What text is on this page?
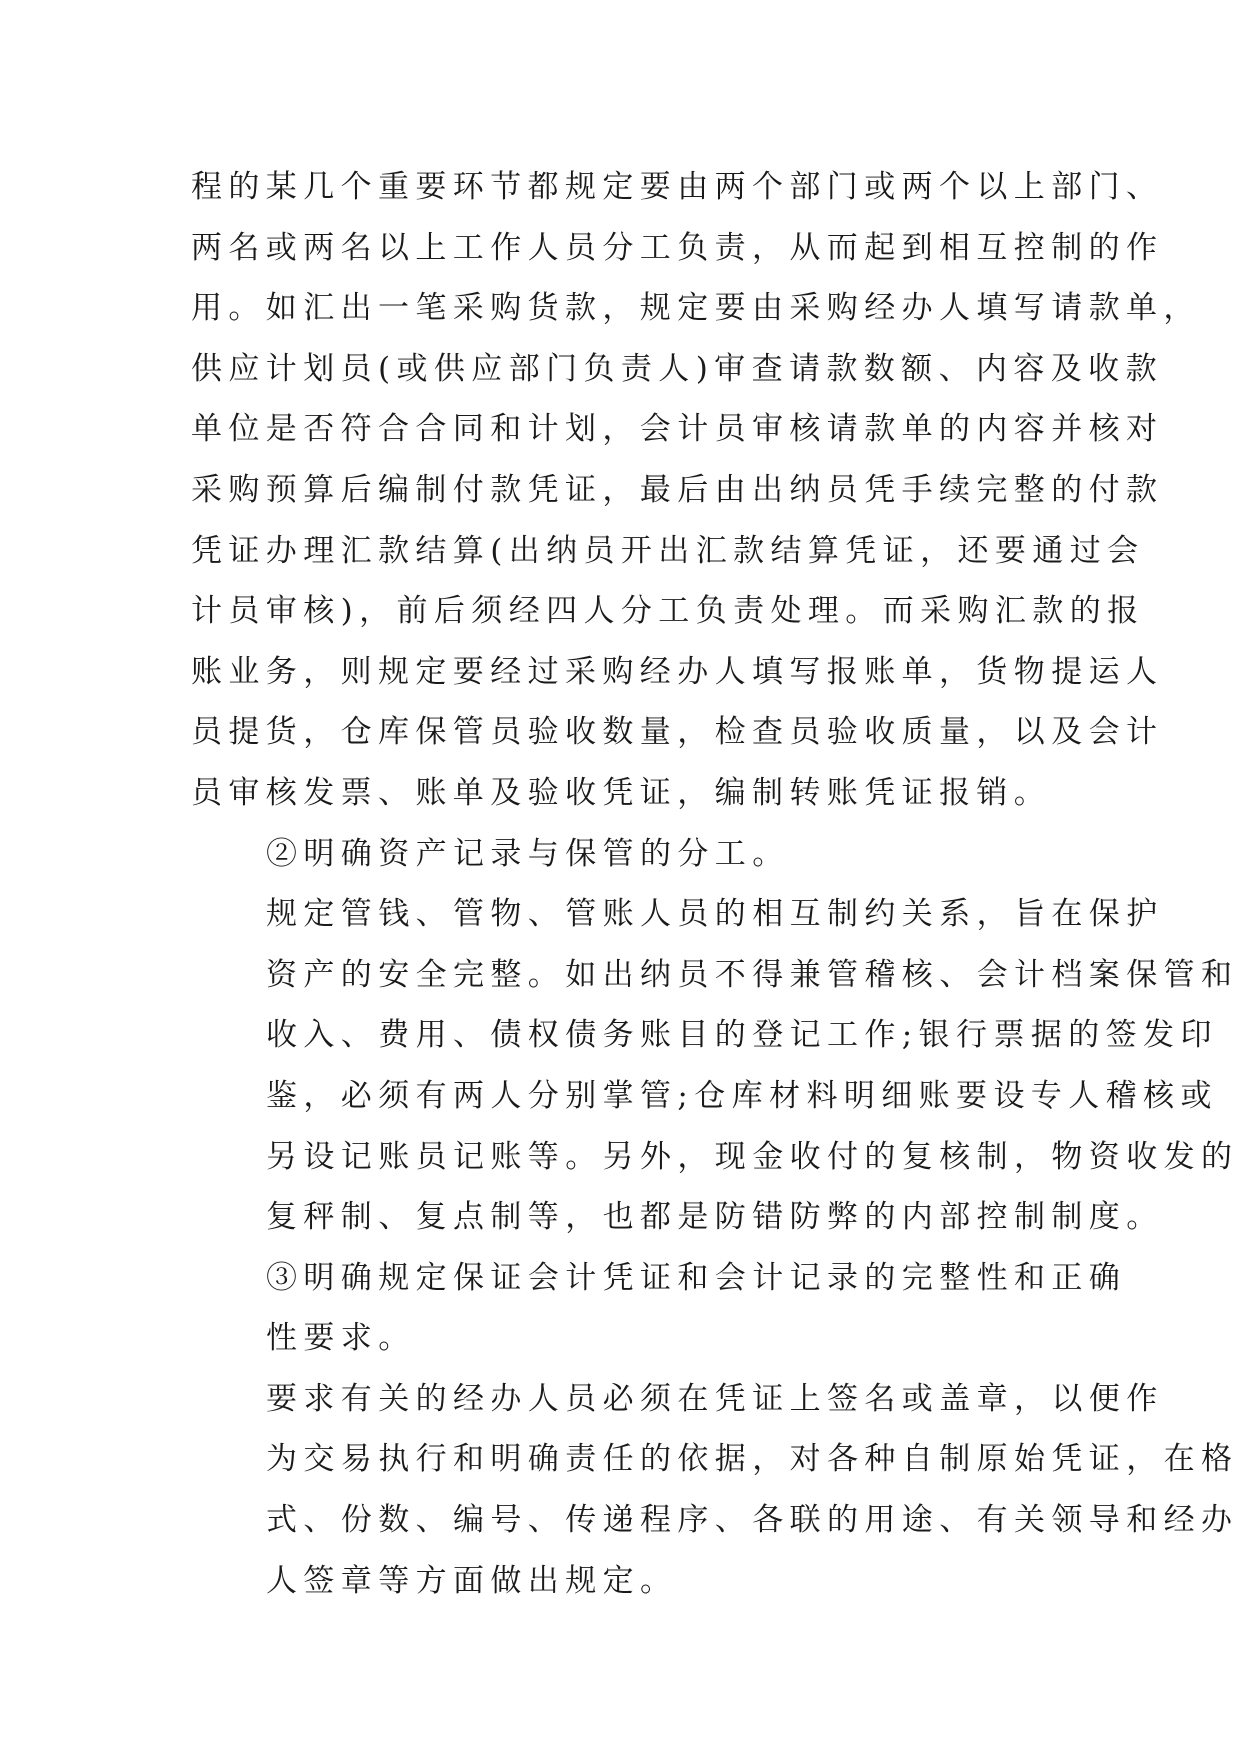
程的某几个重要环节都规定要由两个部门或两个以上部门、
两名或两名以上工作人员分工负责，从而起到相互控制的作
用。如汇出一笔采购货款，规定要由采购经办人填写请款单，
供应计划员(或供应部门负责人)审查请款数额、内容及收款
单位是否符合合同和计划，会计员审核请款单的内容并核对
采购预算后编制付款凭证，最后由出纳员凭手续完整的付款
凭证办理汇款结算(出纳员开出汇款结算凭证，还要通过会
计员审核)，前后须经四人分工负责处理。而采购汇款的报
账业务，则规定要经过采购经办人填写报账单，货物提运人
员提货，仓库保管员验收数量，检查员验收质量，以及会计
员审核发票、账单及验收凭证，编制转账凭证报销。

②明确资产记录与保管的分工。

规定管钱、管物、管账人员的相互制约关系，旨在保护
资产的安全完整。如出纳员不得兼管稽核、会计档案保管和
收入、费用、债权债务账目的登记工作;银行票据的签发印
鉴，必须有两人分别掌管;仓库材料明细账要设专人稽核或
另设记账员记账等。另外，现金收付的复核制，物资收发的
复秤制、复点制等，也都是防错防弊的内部控制制度。

③明确规定保证会计凭证和会计记录的完整性和正确
性要求。

要求有关的经办人员必须在凭证上签名或盖章，以便作
为交易执行和明确责任的依据，对各种自制原始凭证，在格
式、份数、编号、传递程序、各联的用途、有关领导和经办
人签章等方面做出规定。
